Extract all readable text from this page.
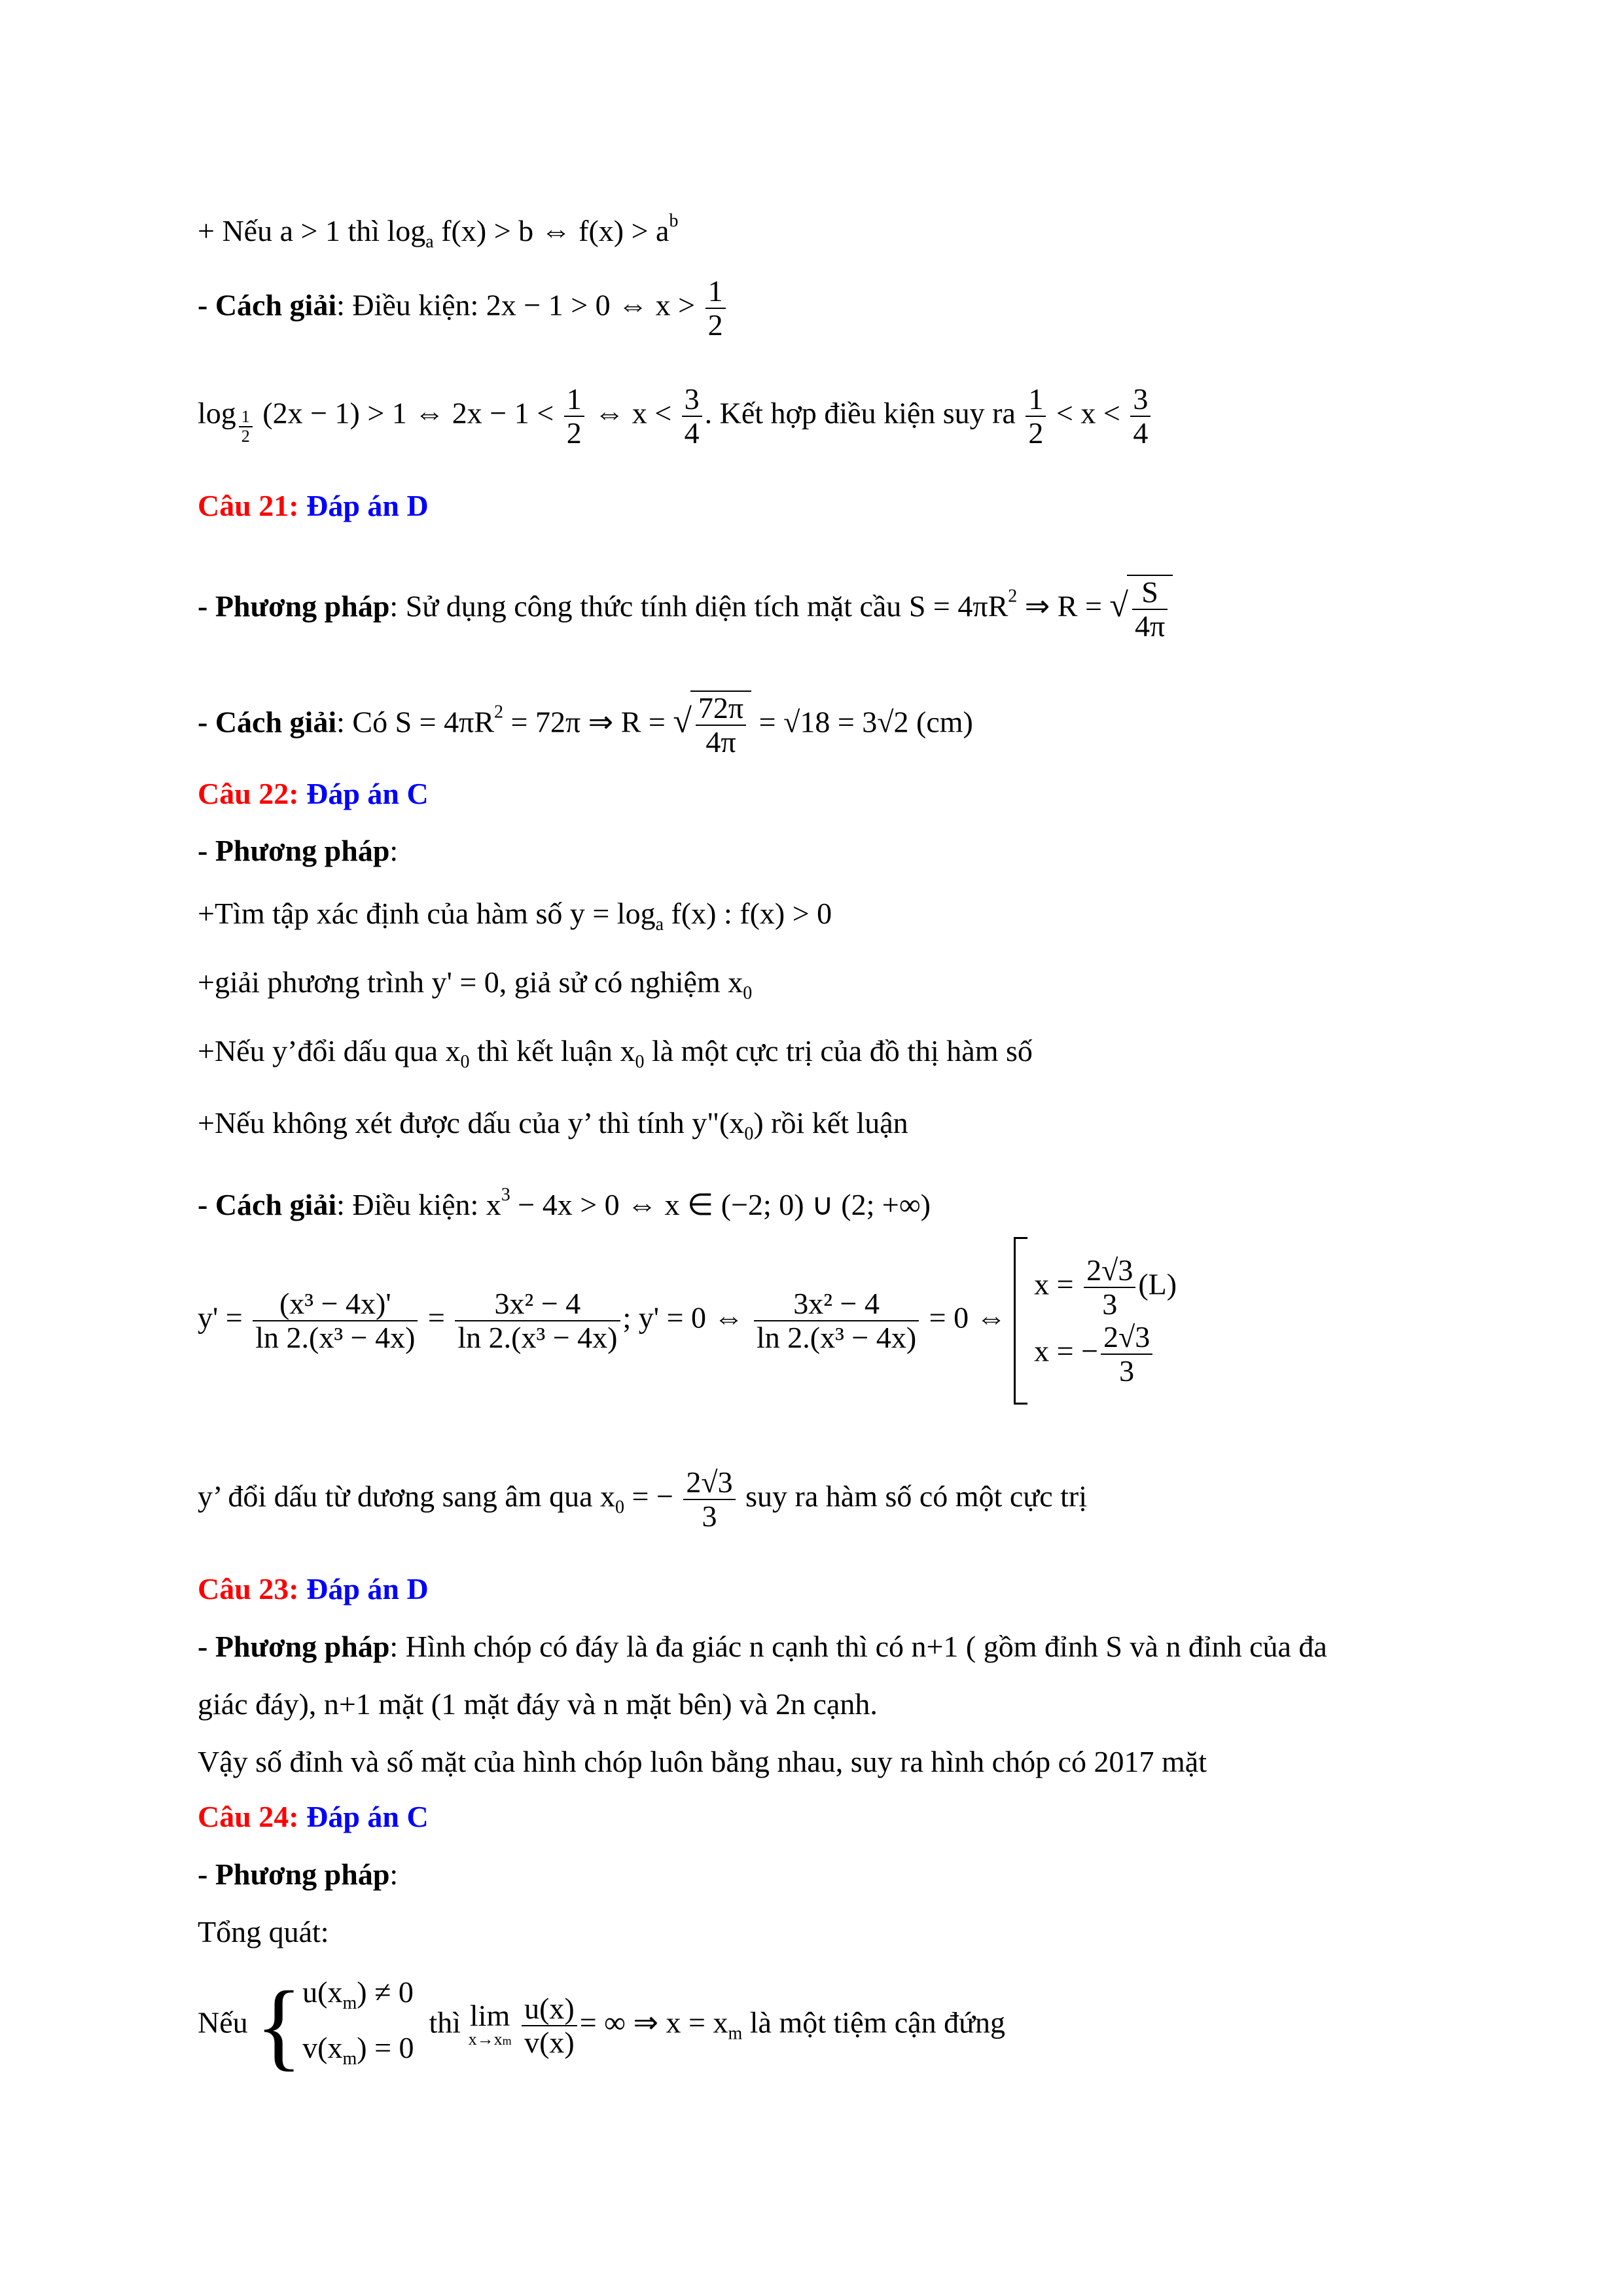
+ Nếu a > 1 thì $\log_a f(x) > b$ ⇔ $f(x) > a^b$
- Cách giải: Điều kiện: 2x − 1 > 0 ⇔ $x > \frac{1}{2}$
$\log \frac{1}{2} (2x - 1) > 1$ ⇔ $2x - 1 < \frac{1}{2}$ ⇔ $x < \frac{3}{4}$ . Kết hợp điều kiện suy ra $\frac{1}{2} < x < \frac{3}{4}$
Câu 21: Đáp án D
- Phương pháp: Sử dụng công thức tính diện tích mặt cầu $S = 4\pi R^2$ ⇒ R = √ $\frac{S}{4\pi}$
- Cách giải: Có $S = 4\pi R^2 = 72\pi$ ⇒ R = √ $\frac{72\pi}{4\pi} = √18 = 3√2$ (cm)
Câu 22: Đáp án C
- Phương pháp:
+Tìm tập xác định của hàm số $y = \log_a f(x)$ : f(x) > 0
+giải phương trình y' = 0, giả sử có nghiệm $x_0$
+Nếu y’đổi dấu qua $x_0$ thì kết luận $x_0$ là một cực trị của đồ thị hàm số
+Nếu không xét được dấu của y’ thì tính $y"(x_0)$ rồi kết luận
- Cách giải: Điều kiện: $x^3 - 4x > 0$ ⇔ x ∈ (−2; 0) ∪ (2; +∞)
$y' = \frac{\text{(x³ − 4x)'}}{\text{ln 2.(x³ − 4x)}} = \frac{\text{3x² − 4}}{\text{ln 2.(x³ − 4x)}}$ ; y' = 0 ⇔ $\frac{\text{3x² − 4}}{\text{ln 2.(x³ − 4x)}} = 0$ ⇔
$x = \frac{2√3}{3} (L)$
x = − $\frac{2√3}{3}$
y’ đổi dấu từ dương sang âm qua $x_0$ = − $\frac{2√3}{3}$ suy ra hàm số có một cực trị
Câu 23: Đáp án D
- Phương pháp: Hình chóp có đáy là đa giác n cạnh thì có n+1 ( gồm đỉnh S và n đỉnh của đa
giác đáy), n+1 mặt (1 mặt đáy và n mặt bên) và 2n cạnh.
Vậy số đỉnh và số mặt của hình chóp luôn bằng nhau, suy ra hình chóp có 2017 mặt
Câu 24: Đáp án C
- Phương pháp:
Tổng quát:
Nếu { $u(x_m) \ne 0$
$v(x_m) = 0$
thì lim
x→xm
$\frac{u(x)}{v(x)}$ = ∞ ⇒ $x = x_m$ là một tiệm cận đứng
